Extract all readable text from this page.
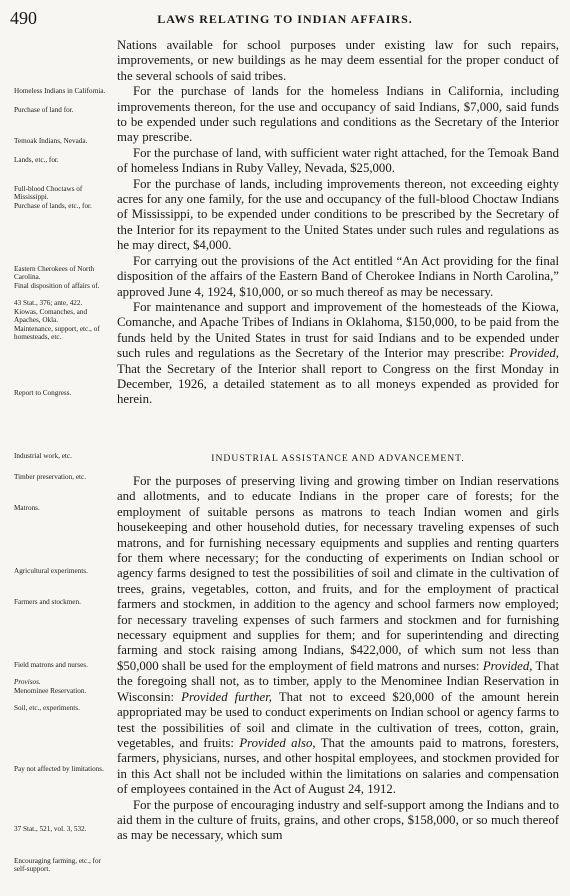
490	LAWS RELATING TO INDIAN AFFAIRS.

Nations available for school purposes under existing law for such repairs, improvements, or new buildings as he may deem essential for the proper conduct of the several schools of said tribes.

For the purchase of lands for the homeless Indians in California, including improvements thereon, for the use and occupancy of said Indians, $7,000, said funds to be expended under such regulations and conditions as the Secretary of the Interior may prescribe.

For the purchase of land, with sufficient water right attached, for the Temoak Band of homeless Indians in Ruby Valley, Nevada, $25,000.

For the purchase of lands, including improvements thereon, not exceeding eighty acres for any one family, for the use and occupancy of the full-blood Choctaw Indians of Mississippi, to be expended under conditions to be prescribed by the Secretary of the Interior for its repayment to the United States under such rules and regulations as he may direct, $4,000.

For carrying out the provisions of the Act entitled “An Act providing for the final disposition of the affairs of the Eastern Band of Cherokee Indians in North Carolina,” approved June 4, 1924, $10,000, or so much thereof as may be necessary.

For maintenance and support and improvement of the homesteads of the Kiowa, Comanche, and Apache Tribes of Indians in Oklahoma, $150,000, to be paid from the funds held by the United States in trust for said Indians and to be expended under such rules and regulations as the Secretary of the Interior may prescribe: Provided, That the Secretary of the Interior shall report to Congress on the first Monday in December, 1926, a detailed statement as to all moneys expended as provided for herein.

INDUSTRIAL ASSISTANCE AND ADVANCEMENT.

For the purposes of preserving living and growing timber on Indian reservations and allotments, and to educate Indians in the proper care of forests; for the employment of suitable persons as matrons to teach Indian women and girls housekeeping and other household duties, for necessary traveling expenses of such matrons, and for furnishing necessary equipments and supplies and renting quarters for them where necessary; for the conducting of experiments on Indian school or agency farms designed to test the possibilities of soil and climate in the cultivation of trees, grains, vegetables, cotton, and fruits, and for the employment of practical farmers and stockmen, in addition to the agency and school farmers now employed; for necessary traveling expenses of such farmers and stockmen and for furnishing necessary equipment and supplies for them; and for superintending and directing farming and stock raising among Indians, $422,000, of which sum not less than $50,000 shall be used for the employment of field matrons and nurses: Provided, That the foregoing shall not, as to timber, apply to the Menominee Indian Reservation in Wisconsin: Provided further, That not to exceed $20,000 of the amount herein appropriated may be used to conduct experiments on Indian school or agency farms to test the possibilities of soil and climate in the cultivation of trees, cotton, grain, vegetables, and fruits: Provided also, That the amounts paid to matrons, foresters, farmers, physicians, nurses, and other hospital employees, and stockmen provided for in this Act shall not be included within the limitations on salaries and compensation of employees contained in the Act of August 24, 1912.

For the purpose of encouraging industry and self-support among the Indians and to aid them in the culture of fruits, grains, and other crops, $158,000, or so much thereof as may be necessary, which sum

Homeless Indians in California.
Purchase of land for.
Temoak Indians, Nevada.
Lands, etc., for.
Full-blood Choctaws of Mississippi.
Purchase of lands, etc., for.
Eastern Cherokees of North Carolina.
Final disposition of affairs of.
43 Stat., 376; ante, 422.
Kiowas, Comanches, and Apaches, Okla.
Maintenance, support, etc., of homesteads, etc.
Report to Congress.
Industrial work, etc.
Timber preservation, etc.
Matrons.
Agricultural experiments.
Farmers and stockmen.
Field matrons and nurses.
Provisos.
Menominee Reservation.
Soil, etc., experiments.
Pay not affected by limitations.
37 Stat., 521, vol. 3, 532.
Encouraging farming, etc., for self-support.
